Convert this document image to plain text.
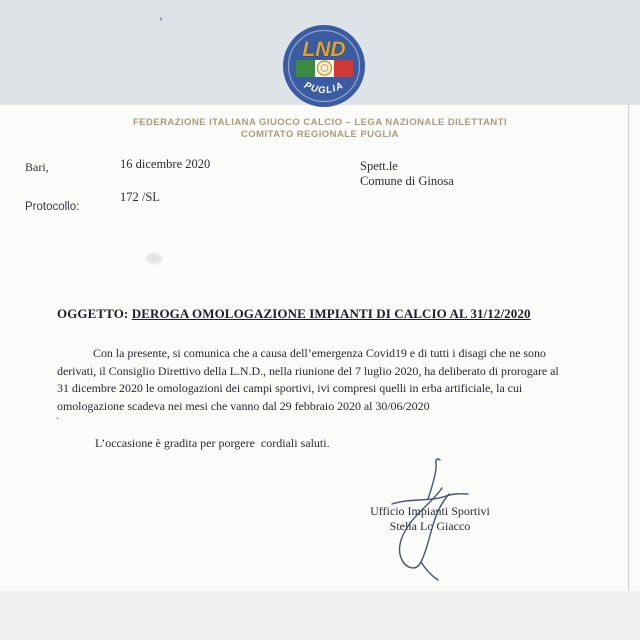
LND
PUGLIA
FEDERAZIONE ITALIANA GIUOCO CALCIO – LEGA NAZIONALE DILETTANTI
COMITATO REGIONALE PUGLIA
Bari,	16 dicembre 2020
172 /SL
Protocollo:
Spett.le
Comune di Ginosa
OGGETTO: DEROGA OMOLOGAZIONE IMPIANTI DI CALCIO AL 31/12/2020
Con la presente, si comunica che a causa dell’emergenza Covid19 e di tutti i disagi che ne sono
derivati, il Consiglio Direttivo della L.N.D., nella riunione del 7 luglio 2020, ha deliberato di prorogare al
31 dicembre 2020 le omologazioni dei campi sportivi, ivi compresi quelli in erba artificiale, la cui
omologazione scadeva nei mesi che vanno dal 29 febbraio 2020 al 30/06/2020
.
L’occasione è gradita per porgere  cordiali saluti.
Ufficio Impianti Sportivi
Stella Lo Giacco
